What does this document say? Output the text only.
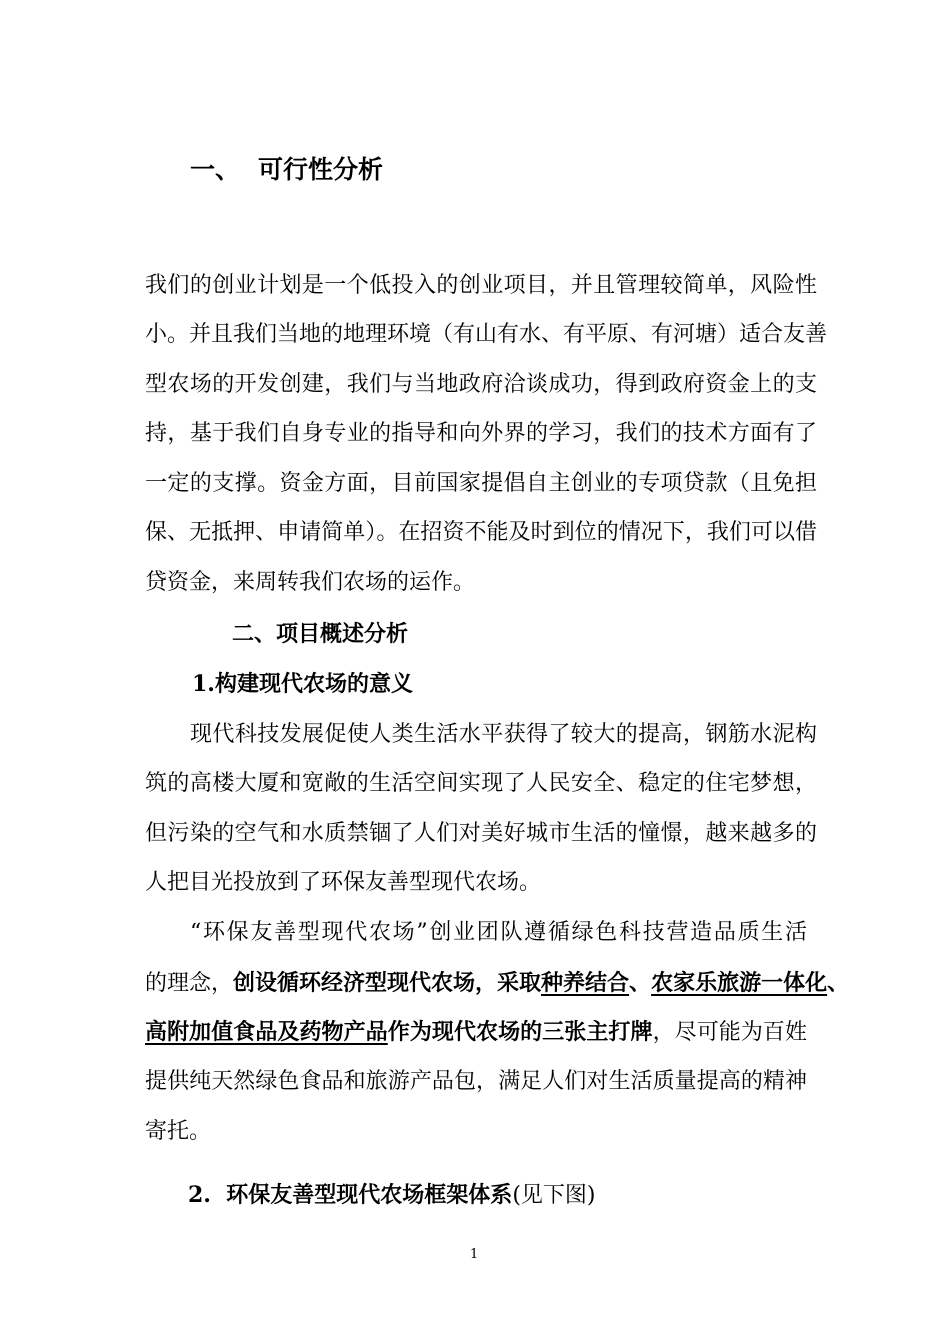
一、 可行性分析
我们的创业计划是一个低投入的创业项目，并且管理较简单，风险性
小。并且我们当地的地理环境（有山有水、有平原、有河塘）适合友善
型农场的开发创建，我们与当地政府洽谈成功，得到政府资金上的支
持，基于我们自身专业的指导和向外界的学习，我们的技术方面有了
一定的支撑。资金方面，目前国家提倡自主创业的专项贷款（且免担
保、无抵押、申请简单）。在招资不能及时到位的情况下，我们可以借
贷资金，来周转我们农场的运作。
二、项目概述分析
1.构建现代农场的意义
现代科技发展促使人类生活水平获得了较大的提高，钢筋水泥构
筑的高楼大厦和宽敞的生活空间实现了人民安全、稳定的住宅梦想，
但污染的空气和水质禁锢了人们对美好城市生活的憧憬，越来越多的
人把目光投放到了环保友善型现代农场。
“环保友善型现代农场”创业团队遵循绿色科技营造品质生活
的理念，创设循环经济型现代农场，采取种养结合、农家乐旅游一体化、
高附加值食品及药物产品作为现代农场的三张主打牌，尽可能为百姓
提供纯天然绿色食品和旅游产品包，满足人们对生活质量提高的精神
寄托。
2. 环保友善型现代农场框架体系(见下图)
1
